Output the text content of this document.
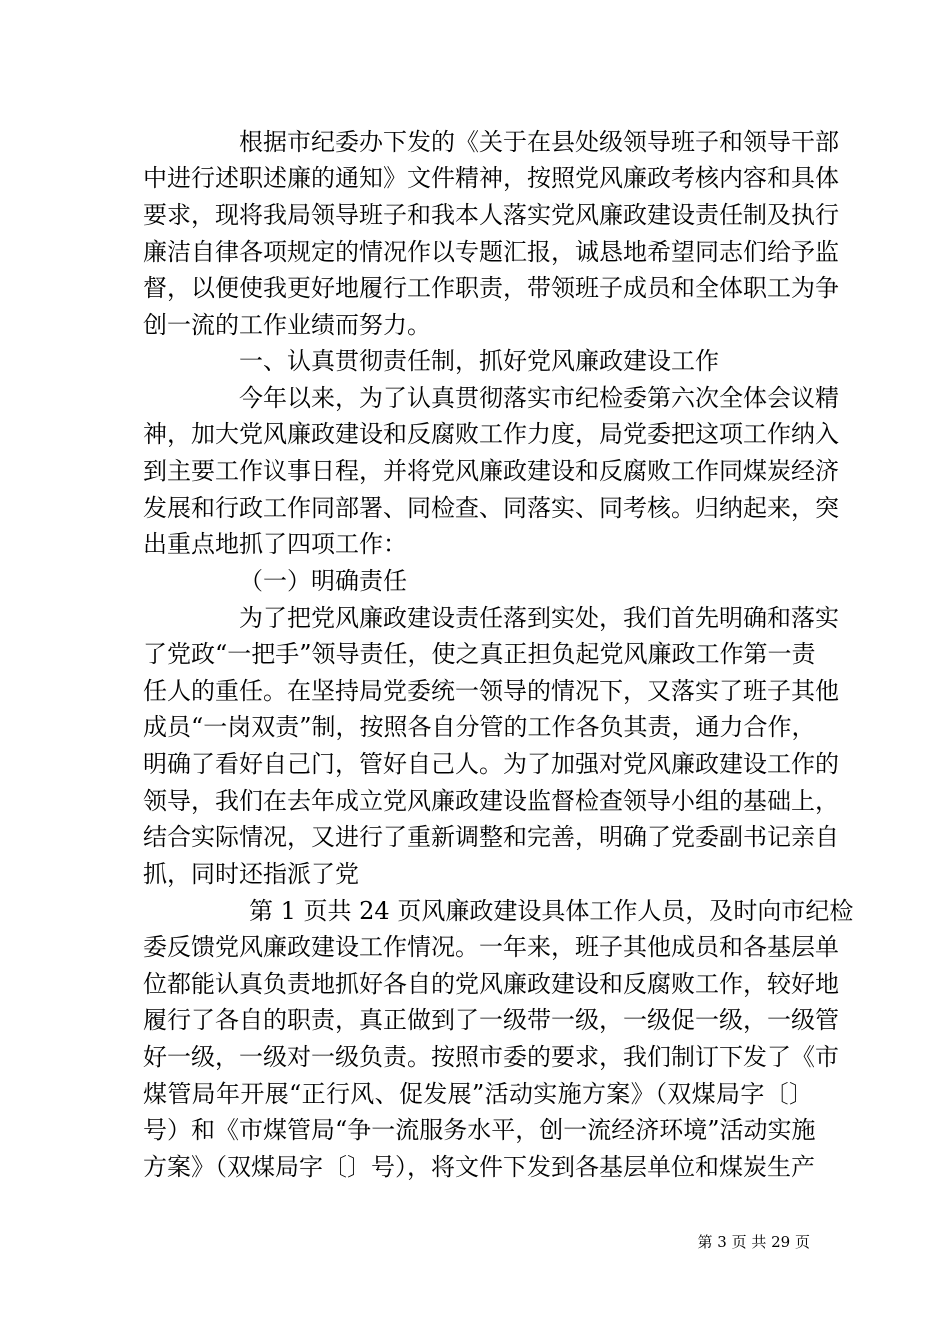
根据市纪委办下发的《关于在县处级领导班子和领导干部
中进行述职述廉的通知》文件精神，按照党风廉政考核内容和具体
要求，现将我局领导班子和我本人落实党风廉政建设责任制及执行
廉洁自律各项规定的情况作以专题汇报，诚恳地希望同志们给予监
督，以便使我更好地履行工作职责，带领班子成员和全体职工为争
创一流的工作业绩而努力。
一、认真贯彻责任制，抓好党风廉政建设工作
今年以来，为了认真贯彻落实市纪检委第六次全体会议精
神，加大党风廉政建设和反腐败工作力度，局党委把这项工作纳入
到主要工作议事日程，并将党风廉政建设和反腐败工作同煤炭经济
发展和行政工作同部署、同检查、同落实、同考核。归纳起来，突
出重点地抓了四项工作：
（一）明确责任
为了把党风廉政建设责任落到实处，我们首先明确和落实
了党政“一把手”领导责任，使之真正担负起党风廉政工作第一责
任人的重任。在坚持局党委统一领导的情况下，又落实了班子其他
成员“一岗双责”制，按照各自分管的工作各负其责，通力合作，
明确了看好自己门，管好自己人。为了加强对党风廉政建设工作的
领导，我们在去年成立党风廉政建设监督检查领导小组的基础上，
结合实际情况，又进行了重新调整和完善，明确了党委副书记亲自
抓，同时还指派了党
第 1 页共 24 页风廉政建设具体工作人员，及时向市纪检
委反馈党风廉政建设工作情况。一年来，班子其他成员和各基层单
位都能认真负责地抓好各自的党风廉政建设和反腐败工作，较好地
履行了各自的职责，真正做到了一级带一级，一级促一级，一级管
好一级，一级对一级负责。按照市委的要求，我们制订下发了《市
煤管局年开展“正行风、促发展”活动实施方案》（双煤局字〔〕
号）和《市煤管局“争一流服务水平，创一流经济环境”活动实施
方案》（双煤局字〔〕号），将文件下发到各基层单位和煤炭生产
第 3 页 共 29 页
